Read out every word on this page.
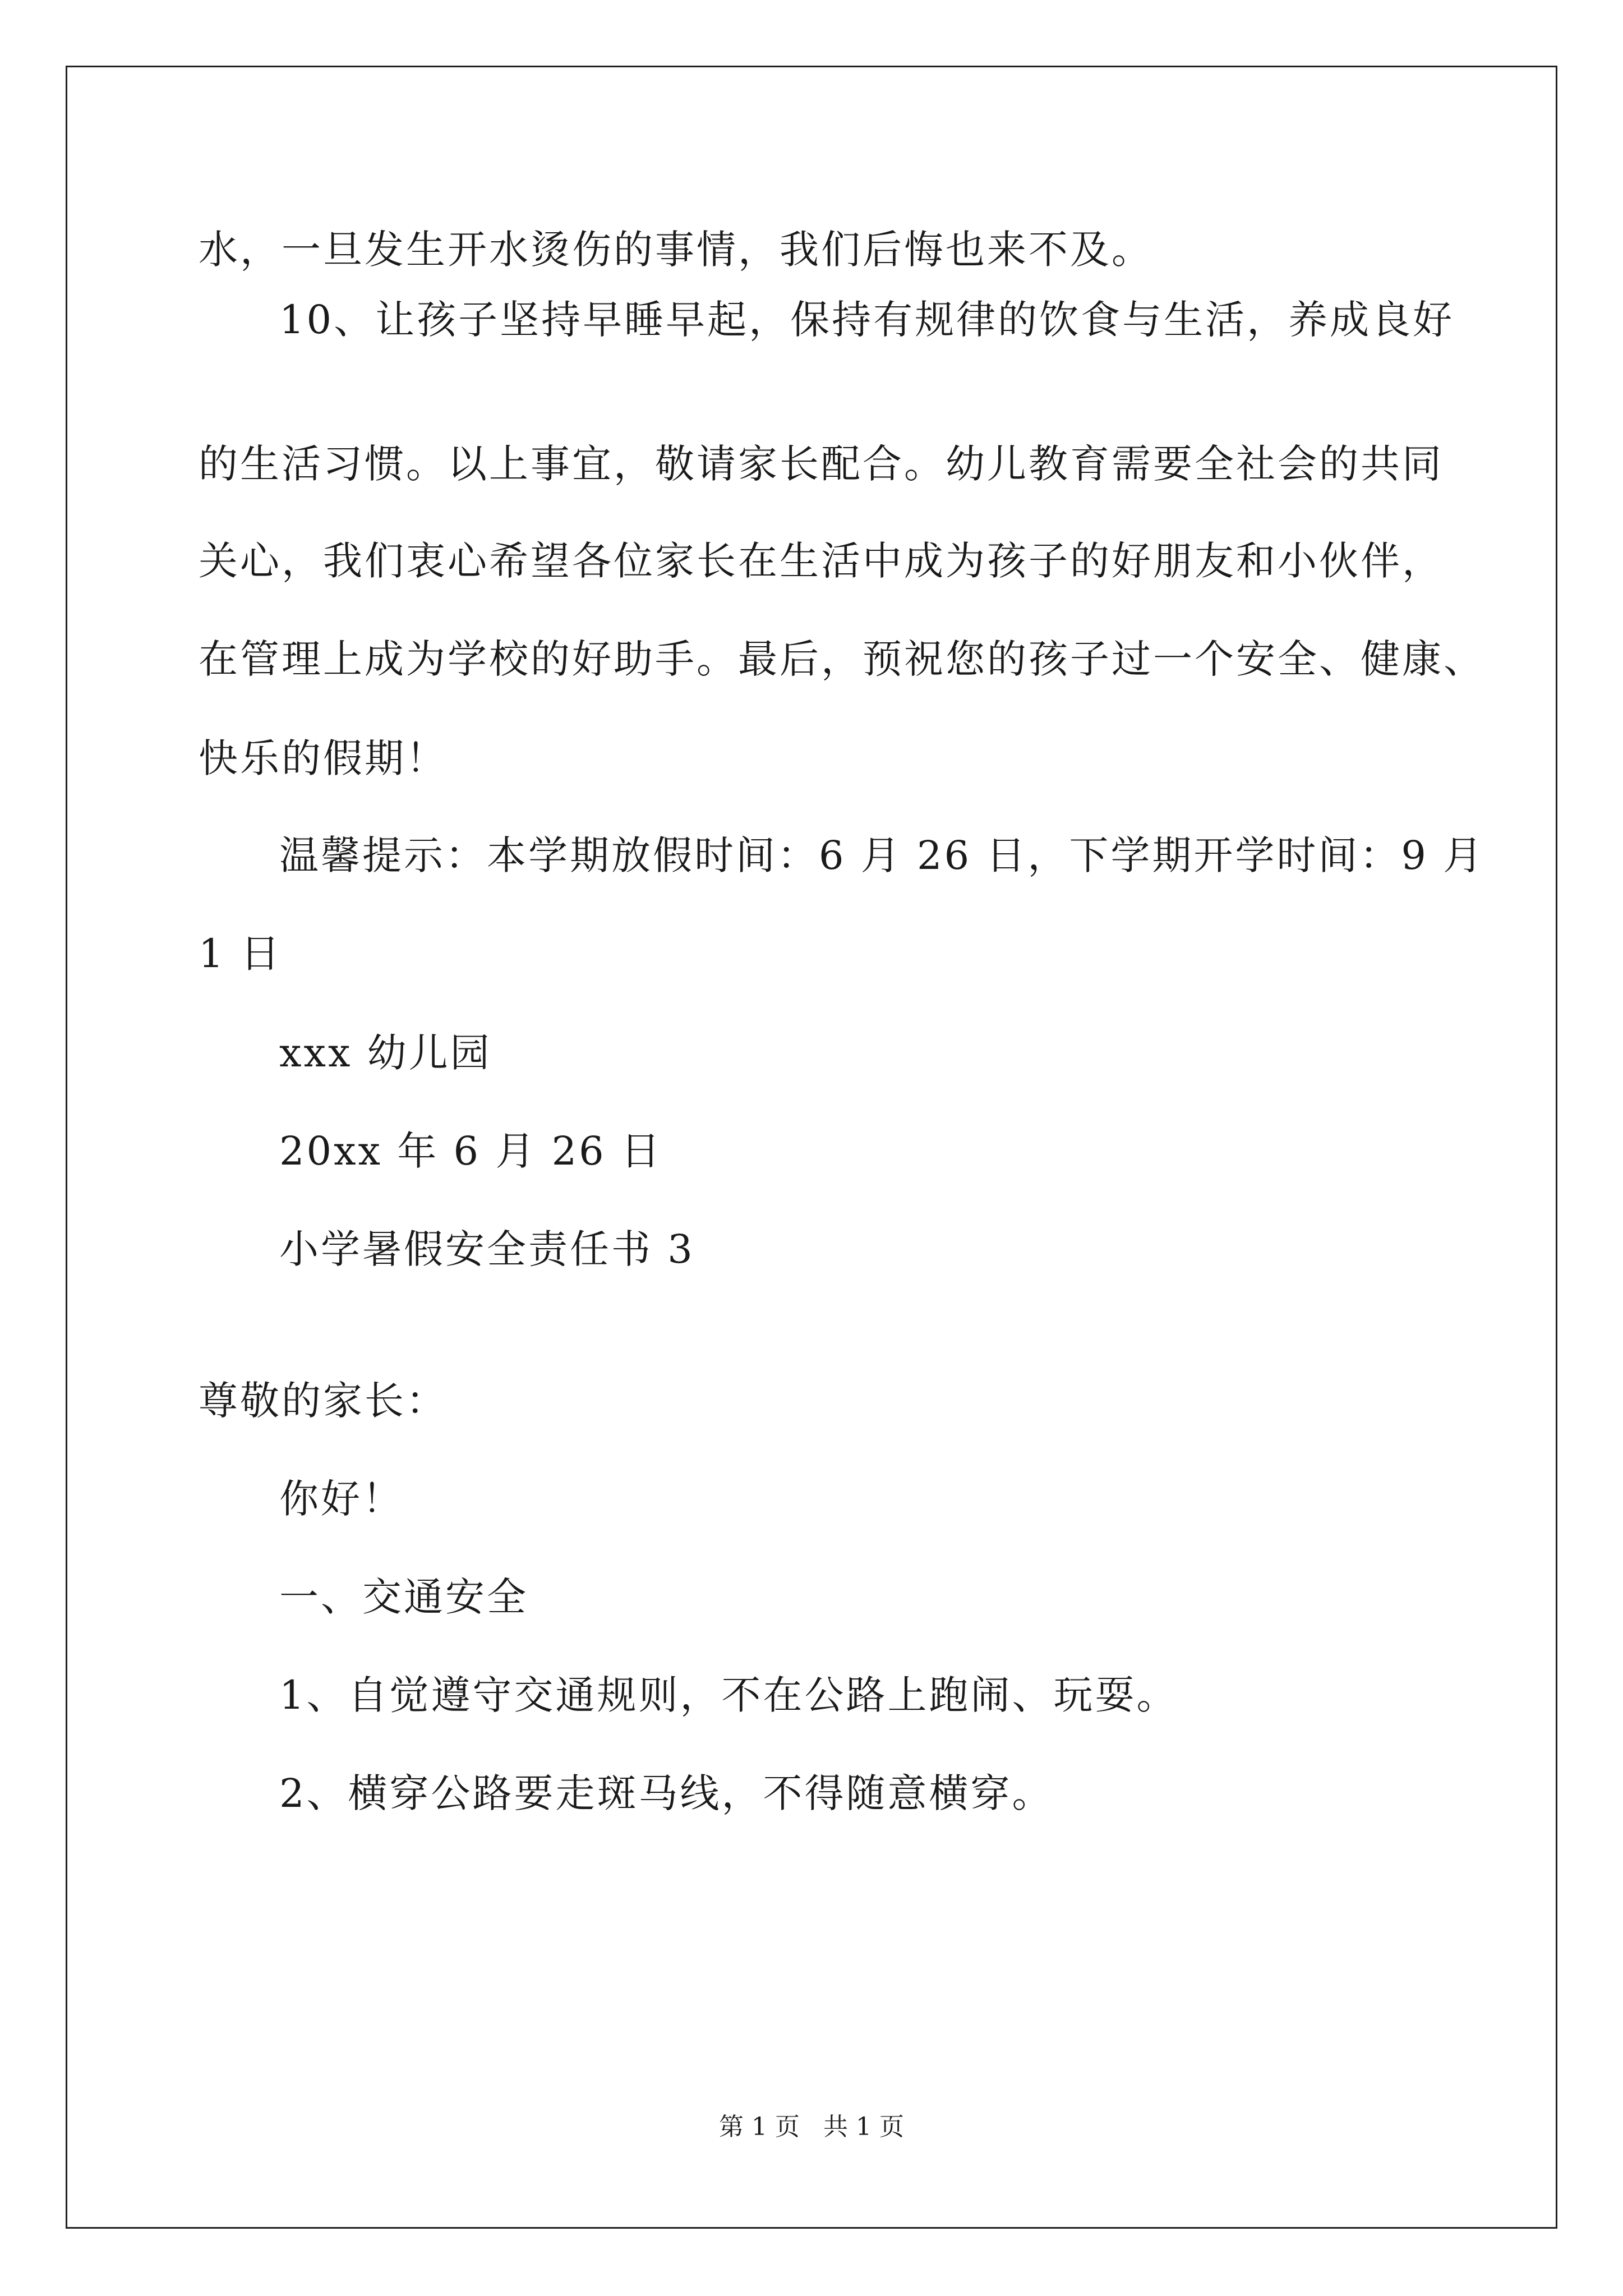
水，一旦发生开水烫伤的事情，我们后悔也来不及。
10、让孩子坚持早睡早起，保持有规律的饮食与生活，养成良好
的生活习惯。以上事宜，敬请家长配合。幼儿教育需要全社会的共同
关心，我们衷心希望各位家长在生活中成为孩子的好朋友和小伙伴，
在管理上成为学校的好助手。最后，预祝您的孩子过一个安全、健康、
快乐的假期！
温馨提示：本学期放假时间：6 月 26 日，下学期开学时间：9 月
1 日
xxx 幼儿园
20xx 年 6 月 26 日
小学暑假安全责任书 3
尊敬的家长：
你好！
一、交通安全
1、自觉遵守交通规则，不在公路上跑闹、玩耍。
2、横穿公路要走斑马线，不得随意横穿。
第 1 页   共 1 页
